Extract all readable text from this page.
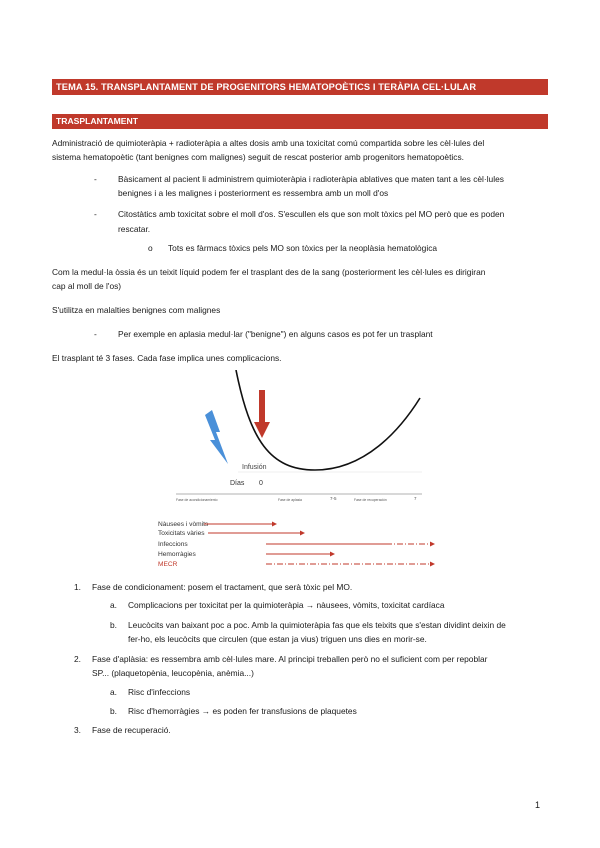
TEMA 15. TRANSPLANTAMENT DE PROGENITORS HEMATOPOÈTICS I TERÀPIA CEL·LULAR
TRASPLANTAMENT
Administració de quimioteràpia + radioteràpia a altes dosis amb una toxicitat comú compartida sobre les cèl·lules del
sistema hematopoètic (tant benignes com malignes) seguit de rescat posterior amb progenitors hematopoètics.
-	Bàsicament al pacient li administrem quimioteràpia i radioteràpia ablatives que maten tant a les cèl·lules
benignes i a les malignes i posteriorment es ressembra amb un moll d'os
-	Citostàtics amb toxicitat sobre el moll d'os. S'escullen els que son molt tòxics pel MO però que es poden
rescatar.
o Tots es fàrmacs tòxics pels MO son tòxics per la neoplàsia hematològica
Com la medul·la òssia és un teixit líquid podem fer el trasplant des de la sang (posteriorment les cèl·lules es dirigiran
cap al moll de l'os)
S'utilitza en malalties benignes com malignes
-	Per exemple en aplasia medul·lar ("benigne") en alguns casos es pot fer un trasplant
El trasplant té 3 fases. Cada fase implica unes complicacions.
Infusión
Días 0
Fase de acondicionamiento	Fase de aplasia	7-5	Fase de recuperación	7
Nàusees i vòmits
Toxicitats vàries
Infeccions
Hemorràgies
MECR
1. Fase de condicionament: posem el tractament, que serà tòxic pel MO.
a. Complicacions per toxicitat per la quimioteràpia → nàusees, vòmits, toxicitat cardíaca
b. Leucòcits van baixant poc a poc. Amb la quimioteràpia fas que els teixits que s'estan dividint deixin de
fer-ho, els leucòcits que circulen (que estan ja vius) triguen uns dies en morir-se.
2. Fase d'aplàsia: es ressembra amb cèl·lules mare. Al principi treballen però no el suficient com per repoblar
SP... (plaquetopènia, leucopènia, anèmia...)
a. Risc d'infeccions
b. Risc d'hemorràgies → es poden fer transfusions de plaquetes
3. Fase de recuperació.
1
